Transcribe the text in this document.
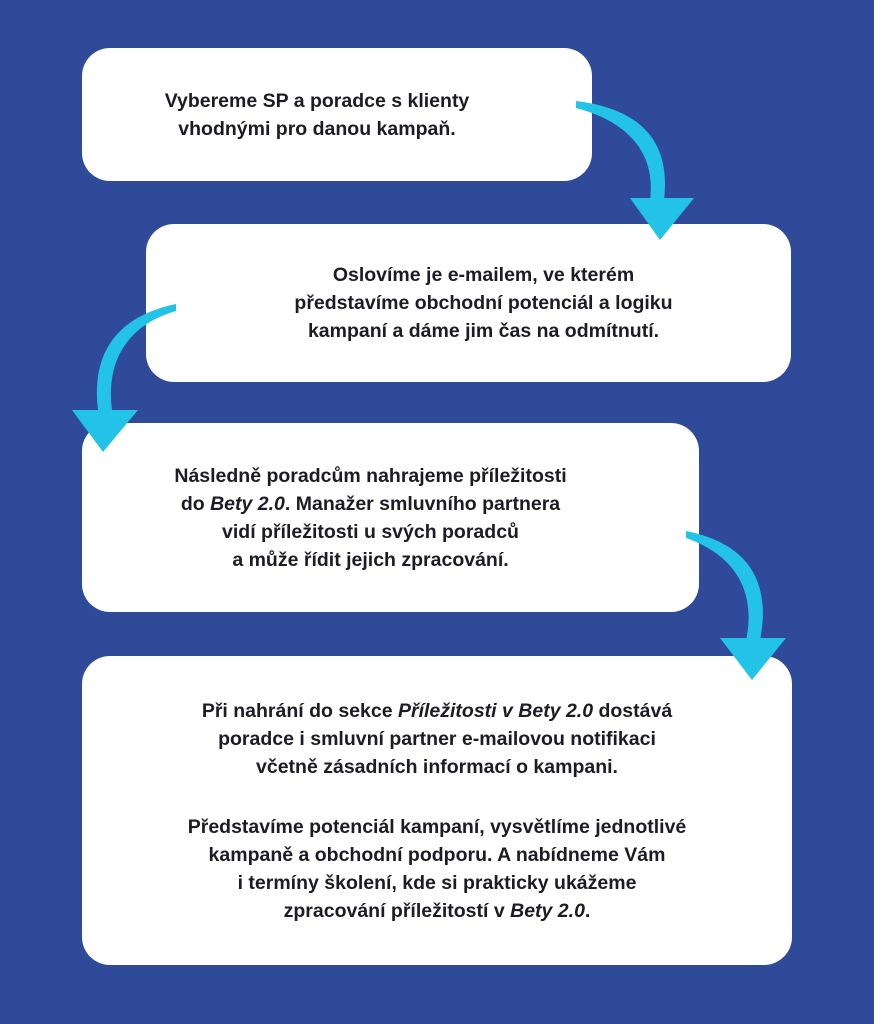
Vybereme SP a poradce s klienty
vhodnými pro danou kampaň.

Oslovíme je e-mailem, ve kterém
představíme obchodní potenciál a logiku
kampaní a dáme jim čas na odmítnutí.

Následně poradcům nahrajeme příležitosti
do Bety 2.0. Manažer smluvního partnera
vidí příležitosti u svých poradců
a může řídit jejich zpracování.

Při nahrání do sekce Příležitosti v Bety 2.0 dostává
poradce i smluvní partner e-mailovou notifikaci
včetně zásadních informací o kampani.

Představíme potenciál kampaní, vysvětlíme jednotlivé
kampaně a obchodní podporu. A nabídneme Vám
i termíny školení, kde si prakticky ukážeme
zpracování příležitostí v Bety 2.0.
